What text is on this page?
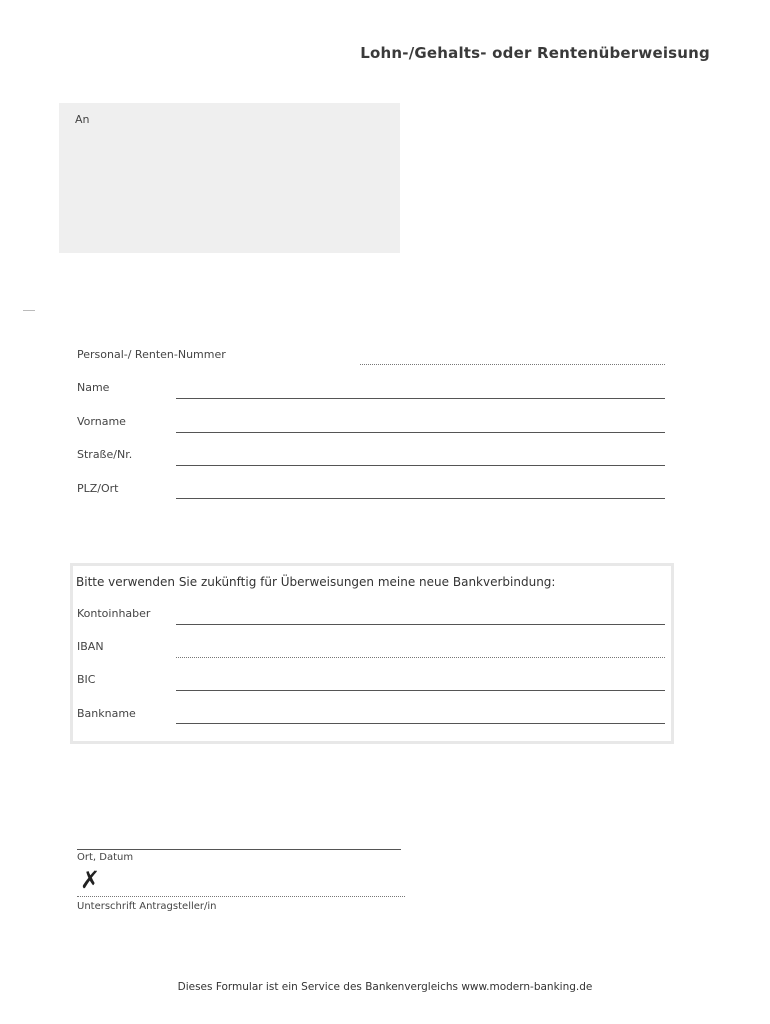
Lohn-/Gehalts- oder Rentenüberweisung
An
Personal-/ Renten-Nummer
Name
Vorname
Straße/Nr.
PLZ/Ort
Bitte verwenden Sie zukünftig für Überweisungen meine neue Bankverbindung:
Kontoinhaber
IBAN
BIC
Bankname
Ort, Datum
✗
Unterschrift Antragsteller/in
Dieses Formular ist ein Service des Bankenvergleichs www.modern-banking.de
